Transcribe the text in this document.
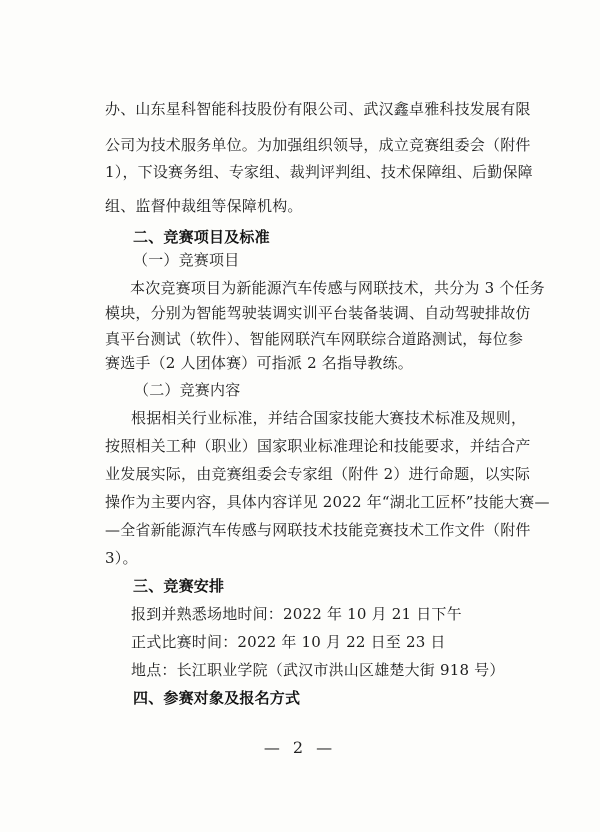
办、山东星科智能科技股份有限公司、武汉鑫卓雅科技发展有限
公司为技术服务单位。为加强组织领导，成立竞赛组委会（附件
1），下设赛务组、专家组、裁判评判组、技术保障组、后勤保障
组、监督仲裁组等保障机构。
二、竞赛项目及标准
（一）竞赛项目
本次竞赛项目为新能源汽车传感与网联技术，共分为 3 个任务
模块，分别为智能驾驶装调实训平台装备装调、自动驾驶排故仿
真平台测试（软件）、智能网联汽车网联综合道路测试，每位参
赛选手（2 人团体赛）可指派 2 名指导教练。
（二）竞赛内容
根据相关行业标准，并结合国家技能大赛技术标准及规则，
按照相关工种（职业）国家职业标准理论和技能要求，并结合产
业发展实际，由竞赛组委会专家组（附件 2）进行命题，以实际
操作为主要内容，具体内容详见 2022 年“湖北工匠杯”技能大赛—
—全省新能源汽车传感与网联技术技能竞赛技术工作文件（附件
3）。
三、竞赛安排
报到并熟悉场地时间：2022 年 10 月 21 日下午
正式比赛时间：2022 年 10 月 22 日至 23 日
地点：长江职业学院（武汉市洪山区雄楚大街 918 号）
四、参赛对象及报名方式
— 2 —
